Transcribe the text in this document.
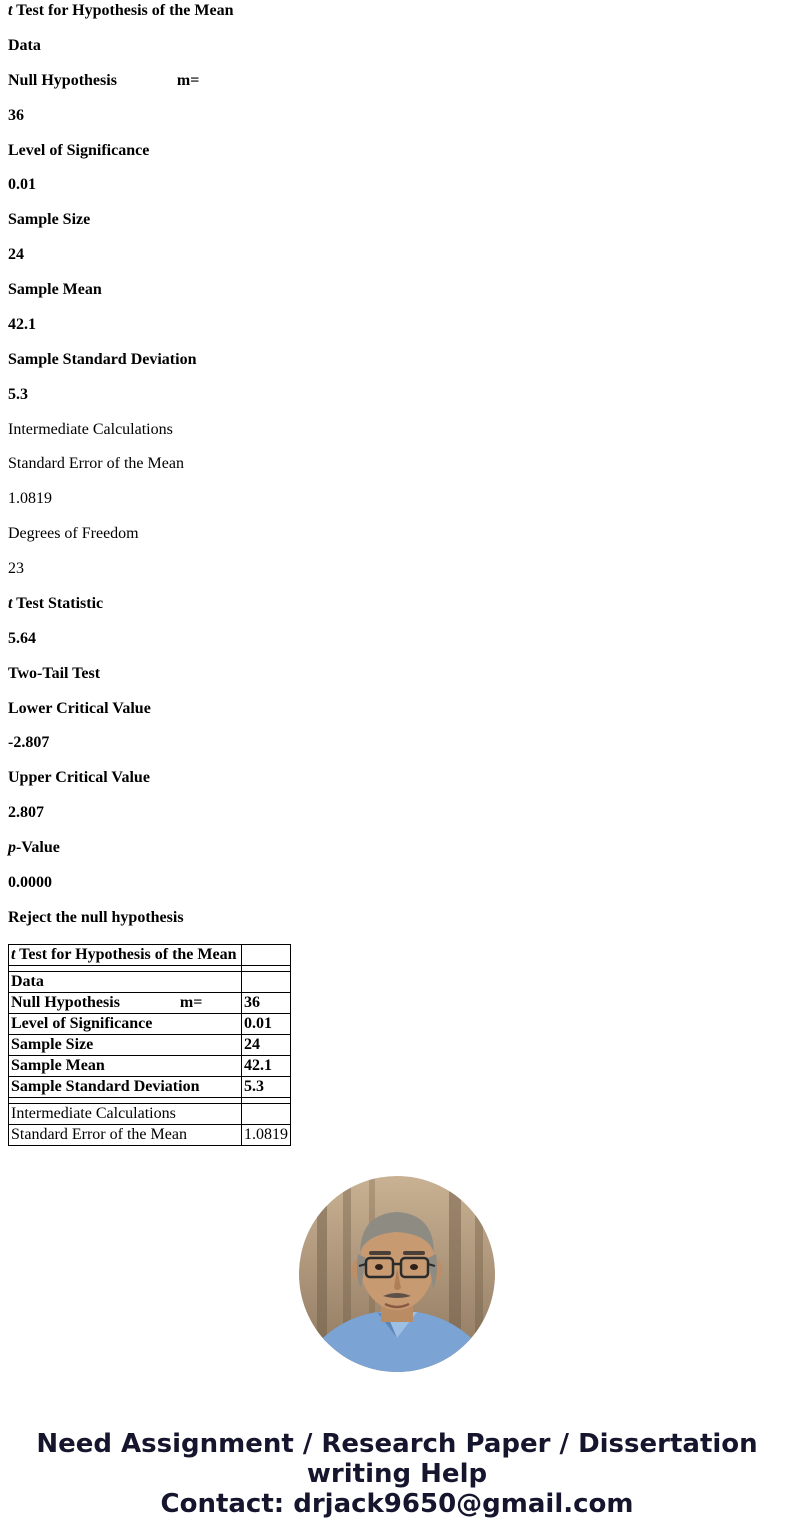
t Test for Hypothesis of the Mean

Data

Null Hypothesis               m=

36

Level of Significance

0.01

Sample Size

24

Sample Mean

42.1

Sample Standard Deviation

5.3

Intermediate Calculations

Standard Error of the Mean

1.0819

Degrees of Freedom

23

t Test Statistic

5.64

Two-Tail Test

Lower Critical Value

-2.807

Upper Critical Value

2.807

p-Value

0.0000

Reject the null hypothesis

t Test for Hypothesis of the Mean	

Data	
Null Hypothesis               m=	36
Level of Significance	0.01
Sample Size	24
Sample Mean	42.1
Sample Standard Deviation	5.3

Intermediate Calculations	
Standard Error of the Mean	1.0819
Need Assignment / Research Paper / Dissertation
writing Help
Contact: drjack9650@gmail.com
